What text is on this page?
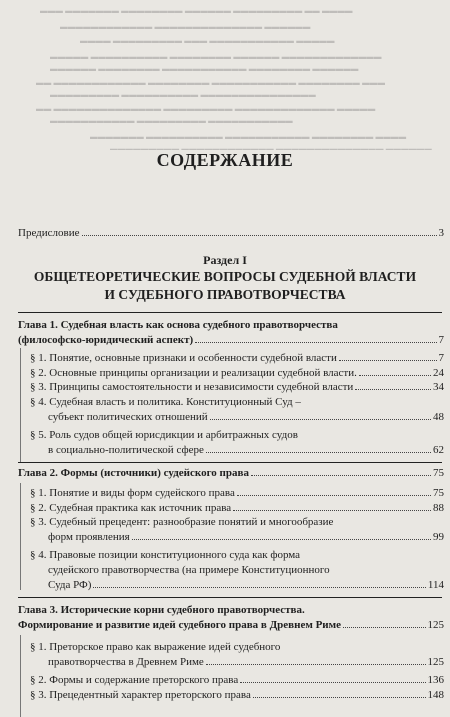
▬▬▬ ▬▬▬▬▬▬▬ ▬▬▬▬▬▬▬▬ ▬▬▬▬▬▬ ▬▬▬▬▬▬▬▬▬ ▬▬ ▬▬▬▬
▬▬▬▬▬▬▬▬▬▬▬▬ ▬▬▬▬▬▬▬▬▬▬▬▬▬▬ ▬▬▬▬▬▬
▬▬▬▬ ▬▬▬▬▬▬▬▬▬ ▬▬▬ ▬▬▬▬▬▬▬▬▬▬▬ ▬▬▬▬▬
▬▬▬▬▬ ▬▬▬▬▬▬▬▬▬▬ ▬▬▬▬▬▬▬▬ ▬▬▬▬▬▬ ▬▬▬▬▬▬▬▬▬▬▬▬▬
▬▬▬▬▬▬ ▬▬▬▬▬▬▬▬ ▬▬▬▬▬▬▬▬▬▬▬ ▬▬▬▬▬▬▬▬ ▬▬▬▬▬▬
▬▬ ▬▬▬▬▬▬▬▬▬▬▬▬ ▬▬▬▬▬▬▬▬ ▬▬▬▬▬▬▬▬▬▬▬ ▬▬▬▬▬▬▬▬ ▬▬▬
▬▬▬▬▬▬▬▬▬ ▬▬▬▬▬▬▬▬▬▬ ▬▬▬▬▬▬▬▬▬▬▬▬▬▬▬
▬▬ ▬▬▬▬▬▬▬▬▬▬▬▬▬▬ ▬▬▬▬▬▬▬▬▬ ▬▬▬▬▬▬▬▬▬▬▬▬▬ ▬▬▬▬▬
▬▬▬▬▬▬▬▬▬▬▬ ▬▬▬▬▬▬▬▬▬ ▬▬▬▬▬▬▬▬▬▬▬
▬▬▬▬▬▬▬ ▬▬▬▬▬▬▬▬▬▬ ▬▬▬▬▬▬▬▬▬▬▬ ▬▬▬▬▬▬▬▬ ▬▬▬▬
▬▬▬▬▬▬▬▬▬ ▬▬▬▬▬▬▬▬▬▬▬▬ ▬▬▬▬▬▬▬▬▬▬▬▬▬▬ ▬▬▬▬▬▬
СОДЕРЖАНИЕ
Предисловие	3
Раздел I
ОБЩЕТЕОРЕТИЧЕСКИЕ ВОПРОСЫ СУДЕБНОЙ ВЛАСТИ
И СУДЕБНОГО ПРАВОТВОРЧЕСТВА
Глава 1. Судебная власть как основа судебного правотворчества
(философско-юридический аспект)	7
§ 1. Понятие, основные признаки и особенности судебной власти	7
§ 2. Основные принципы организации и реализации судебной власти.	24
§ 3. Принципы самостоятельности и независимости судебной власти	34
§ 4. Судебная власть и политика. Конституционный Суд –
субъект политических отношений	48
§ 5. Роль судов общей юрисдикции и арбитражных судов
в социально-политической сфере	62
Глава 2. Формы (источники) судейского права	75
§ 1. Понятие и виды форм судейского права	75
§ 2. Судебная практика как источник права	88
§ 3. Судебный прецедент: разнообразие понятий и многообразие
форм проявления	99
§ 4. Правовые позиции конституционного суда как форма
судейского правотворчества (на примере Конституционного
Суда РФ)	114
Глава 3. Исторические корни судебного правотворчества.
Формирование и развитие идей судебного права в Древнем Риме	125
§ 1. Преторское право как выражение идей судебного
правотворчества в Древнем Риме	125
§ 2. Формы и содержание преторского права	136
§ 3. Прецедентный характер преторского права	148
